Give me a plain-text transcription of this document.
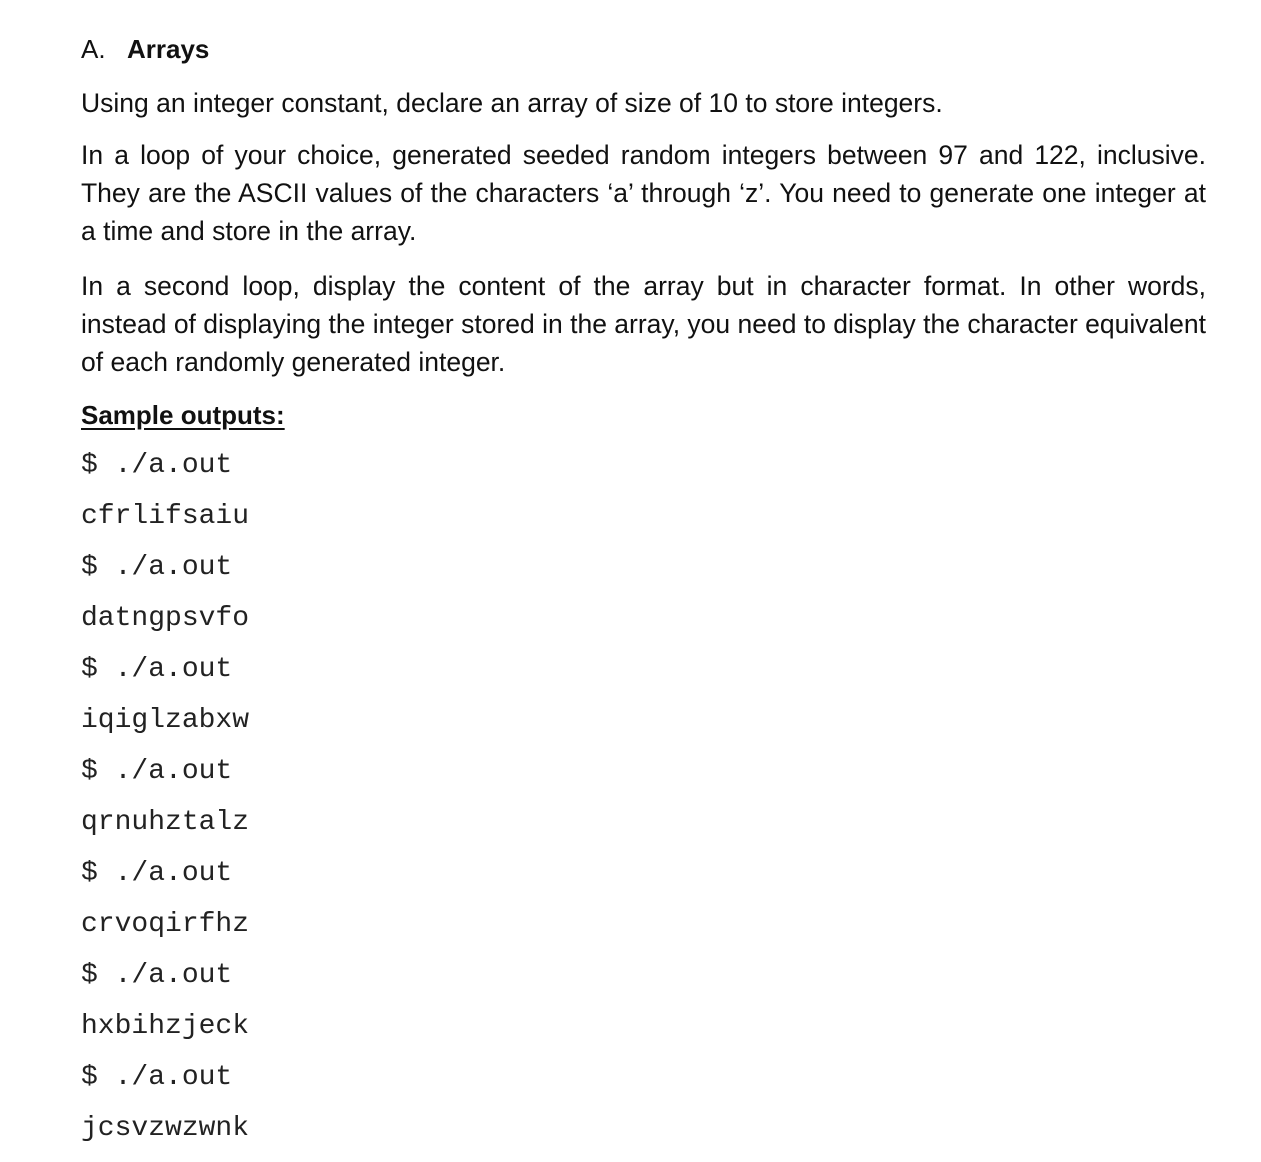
A. Arrays

Using an integer constant, declare an array of size of 10 to store integers.

In a loop of your choice, generated seeded random integers between 97 and 122, inclusive. They are the ASCII values of the characters ‘a’ through ‘z’. You need to generate one integer at a time and store in the array.

In a second loop, display the content of the array but in character format. In other words, instead of displaying the integer stored in the array, you need to display the character equivalent of each randomly generated integer.

Sample outputs:
$ ./a.out
cfrlifsaiu
$ ./a.out
datngpsvfo
$ ./a.out
iqiglzabxw
$ ./a.out
qrnuhztalz
$ ./a.out
crvoqirfhz
$ ./a.out
hxbihzjeck
$ ./a.out
jcsvzwzwnk
